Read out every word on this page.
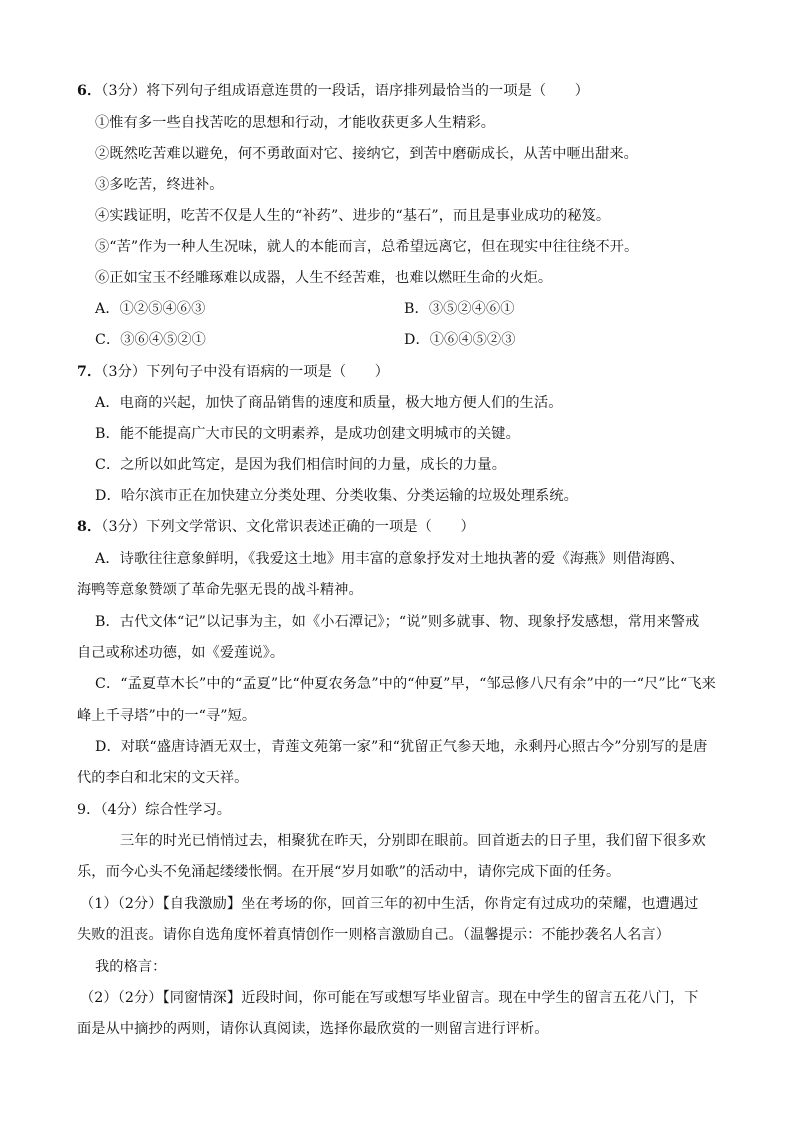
6．（3分）将下列句子组成语意连贯的一段话，语序排列最恰当的一项是（　　）
①惟有多一些自找苦吃的思想和行动，才能收获更多人生精彩。
②既然吃苦难以避免，何不勇敢面对它、接纳它，到苦中磨砺成长，从苦中咂出甜来。
③多吃苦，终进补。
④实践证明，吃苦不仅是人生的“补药”、进步的“基石”，而且是事业成功的秘笈。
⑤“苦”作为一种人生况味，就人的本能而言，总希望远离它，但在现实中往往绕不开。
⑥正如宝玉不经雕琢难以成器，人生不经苦难，也难以燃旺生命的火炬。
A．①②⑤④⑥③	B．③⑤②④⑥①
C．③⑥④⑤②①	D．①⑥④⑤②③
7．（3分）下列句子中没有语病的一项是（　　）
A．电商的兴起，加快了商品销售的速度和质量，极大地方便人们的生活。
B．能不能提高广大市民的文明素养，是成功创建文明城市的关键。
C．之所以如此笃定，是因为我们相信时间的力量，成长的力量。
D．哈尔滨市正在加快建立分类处理、分类收集、分类运输的垃圾处理系统。
8．（3分）下列文学常识、文化常识表述正确的一项是（　　）
A．诗歌往往意象鲜明，《我爱这土地》用丰富的意象抒发对土地执著的爱《海燕》则借海鸥、
海鸭等意象赞颂了革命先驱无畏的战斗精神。
B．古代文体“记”以记事为主，如《小石潭记》；“说”则多就事、物、现象抒发感想，常用来警戒
自己或称述功德，如《爱莲说》。
C．“孟夏草木长”中的“孟夏”比“仲夏农务急”中的“仲夏”早，“邹忌修八尺有余”中的一“尺”比“飞来
峰上千寻塔”中的一“寻”短。
D．对联“盛唐诗酒无双士，青莲文苑第一家”和“犹留正气参天地，永剩丹心照古今”分别写的是唐
代的李白和北宋的文天祥。
9．（4分）综合性学习。
三年的时光已悄悄过去，相聚犹在昨天，分别即在眼前。回首逝去的日子里，我们留下很多欢
乐，而今心头不免涌起缕缕怅惘。在开展“岁月如歌”的活动中，请你完成下面的任务。
（1）（2分）【自我激励】坐在考场的你，回首三年的初中生活，你肯定有过成功的荣耀，也遭遇过
失败的沮丧。请你自选角度怀着真情创作一则格言激励自己。（温馨提示：不能抄袭名人名言）
我的格言：
（2）（2分）【同窗情深】近段时间，你可能在写或想写毕业留言。现在中学生的留言五花八门，下
面是从中摘抄的两则，请你认真阅读，选择你最欣赏的一则留言进行评析。
